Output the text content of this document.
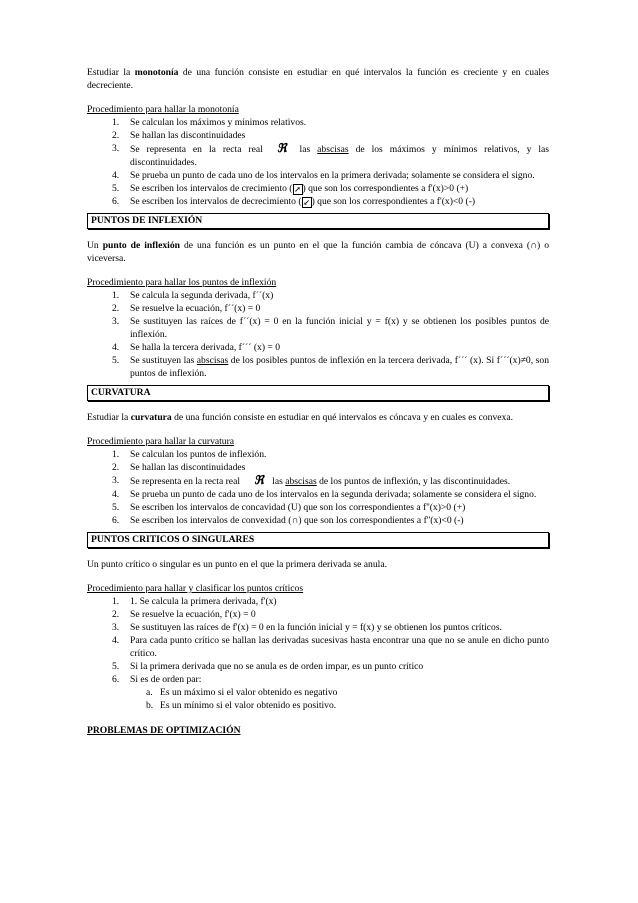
Estudiar la monotonía de una función consiste en estudiar en qué intervalos la función es creciente y en cuales decreciente.

Procedimiento para hallar la monotonía

1. Se calculan los máximos y mínimos relativos.
2. Se hallan las discontinuidades
3. Se representa en la recta real ℜ las abscisas de los máximos y mínimos relativos, y las discontinuidades.
4. Se prueba un punto de cada uno de los intervalos en la primera derivada; solamente se considera el signo.
5. Se escriben los intervalos de crecimiento ( ↗ ) que son los correspondientes a f'(x)>0 (+)
6. Se escriben los intervalos de decrecimiento ( ↙ ) que son los correspondientes a f'(x)<0 (-)
PUNTOS DE INFLEXIÓN

Un punto de inflexión de una función es un punto en el que la función cambia de cóncava (U) a convexa (∩) o viceversa.

Procedimiento para hallar los puntos de inflexión

1. Se calcula la segunda derivada, f´´(x)
2. Se resuelve la ecuación, f´´(x) = 0
3. Se sustituyen las raíces de f´´(x) = 0 en la función inicial y = f(x) y se obtienen los posibles puntos de inflexión.
4. Se halla la tercera derivada, f´´´ (x) = 0
5. Se sustituyen las abscisas de los posibles puntos de inflexión en la tercera derivada, f´´´ (x). Si f´´´(x)≠0, son puntos de inflexión.
CURVATURA

Estudiar la curvatura de una función consiste en estudiar en qué intervalos es cóncava y en cuales es convexa.

Procedimiento para hallar la curvatura

1. Se calculan los puntos de inflexión.
2. Se hallan las discontinuidades
3. Se representa en la recta real ℜ las abscisas de los puntos de inflexión, y las discontinuidades.
4. Se prueba un punto de cada uno de los intervalos en la segunda derivada; solamente se considera el signo.
5. Se escriben los intervalos de concavidad (U) que son los correspondientes a f''(x)>0 (+)
6. Se escriben los intervalos de convexidad (∩) que son los correspondientes a f''(x)<0 (-)
PUNTOS CRITICOS O SINGULARES

Un punto crítico o singular es un punto en el que la primera derivada se anula.

Procedimiento para hallar y clasificar los puntos críticos

1. 1. Se calcula la primera derivada, f'(x)
2. Se resuelve la ecuación, f'(x) = 0
3. Se sustituyen las raíces de f'(x) = 0 en la función inicial y = f(x) y se obtienen los puntos críticos.
4. Para cada punto crítico se hallan las derivadas sucesivas hasta encontrar una que no se anule en dicho punto crítico.
5. Si la primera derivada que no se anula es de orden impar, es un punto crítico
6. Si es de orden par:
a. Es un máximo si el valor obtenido es negativo
b. Es un mínimo si el valor obtenido es positivo.

PROBLEMAS DE OPTIMIZACIÓN
